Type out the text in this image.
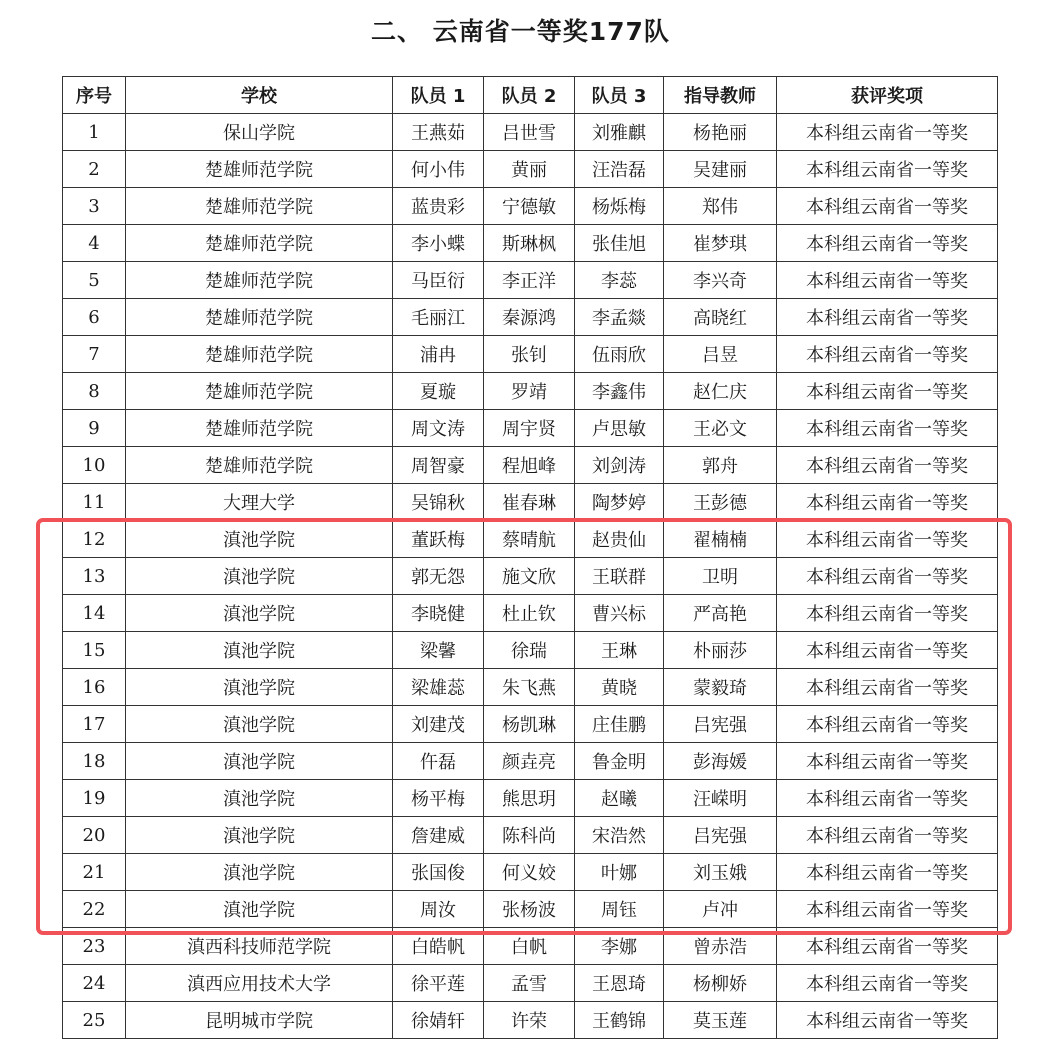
二、 云南省一等奖177队
序号	学校	队员 1	队员 2	队员 3	指导教师	获评奖项
1	保山学院	王燕茹	吕世雪	刘雅麒	杨艳丽	本科组云南省一等奖
2	楚雄师范学院	何小伟	黄丽	汪浩磊	吴建丽	本科组云南省一等奖
3	楚雄师范学院	蓝贵彩	宁德敏	杨烁梅	郑伟	本科组云南省一等奖
4	楚雄师范学院	李小蝶	斯琳枫	张佳旭	崔梦琪	本科组云南省一等奖
5	楚雄师范学院	马臣衍	李正洋	李蕊	李兴奇	本科组云南省一等奖
6	楚雄师范学院	毛丽江	秦源鸿	李孟燚	高晓红	本科组云南省一等奖
7	楚雄师范学院	浦冉	张钊	伍雨欣	吕昱	本科组云南省一等奖
8	楚雄师范学院	夏璇	罗靖	李鑫伟	赵仁庆	本科组云南省一等奖
9	楚雄师范学院	周文涛	周宇贤	卢思敏	王必文	本科组云南省一等奖
10	楚雄师范学院	周智豪	程旭峰	刘剑涛	郭舟	本科组云南省一等奖
11	大理大学	吴锦秋	崔春琳	陶梦婷	王彭德	本科组云南省一等奖
12	滇池学院	董跃梅	蔡晴航	赵贵仙	翟楠楠	本科组云南省一等奖
13	滇池学院	郭无怨	施文欣	王联群	卫明	本科组云南省一等奖
14	滇池学院	李晓健	杜止钦	曹兴标	严高艳	本科组云南省一等奖
15	滇池学院	梁馨	徐瑞	王琳	朴丽莎	本科组云南省一等奖
16	滇池学院	梁雄蕊	朱飞燕	黄晓	蒙毅琦	本科组云南省一等奖
17	滇池学院	刘建茂	杨凯琳	庄佳鹏	吕宪强	本科组云南省一等奖
18	滇池学院	仵磊	颜垚亮	鲁金明	彭海媛	本科组云南省一等奖
19	滇池学院	杨平梅	熊思玥	赵曦	汪嵘明	本科组云南省一等奖
20	滇池学院	詹建威	陈科尚	宋浩然	吕宪强	本科组云南省一等奖
21	滇池学院	张国俊	何义姣	叶娜	刘玉娥	本科组云南省一等奖
22	滇池学院	周汝	张杨波	周钰	卢冲	本科组云南省一等奖
23	滇西科技师范学院	白皓帆	白帆	李娜	曾赤浩	本科组云南省一等奖
24	滇西应用技术大学	徐平莲	孟雪	王恩琦	杨柳娇	本科组云南省一等奖
25	昆明城市学院	徐婧轩	许荣	王鹤锦	莫玉莲	本科组云南省一等奖
